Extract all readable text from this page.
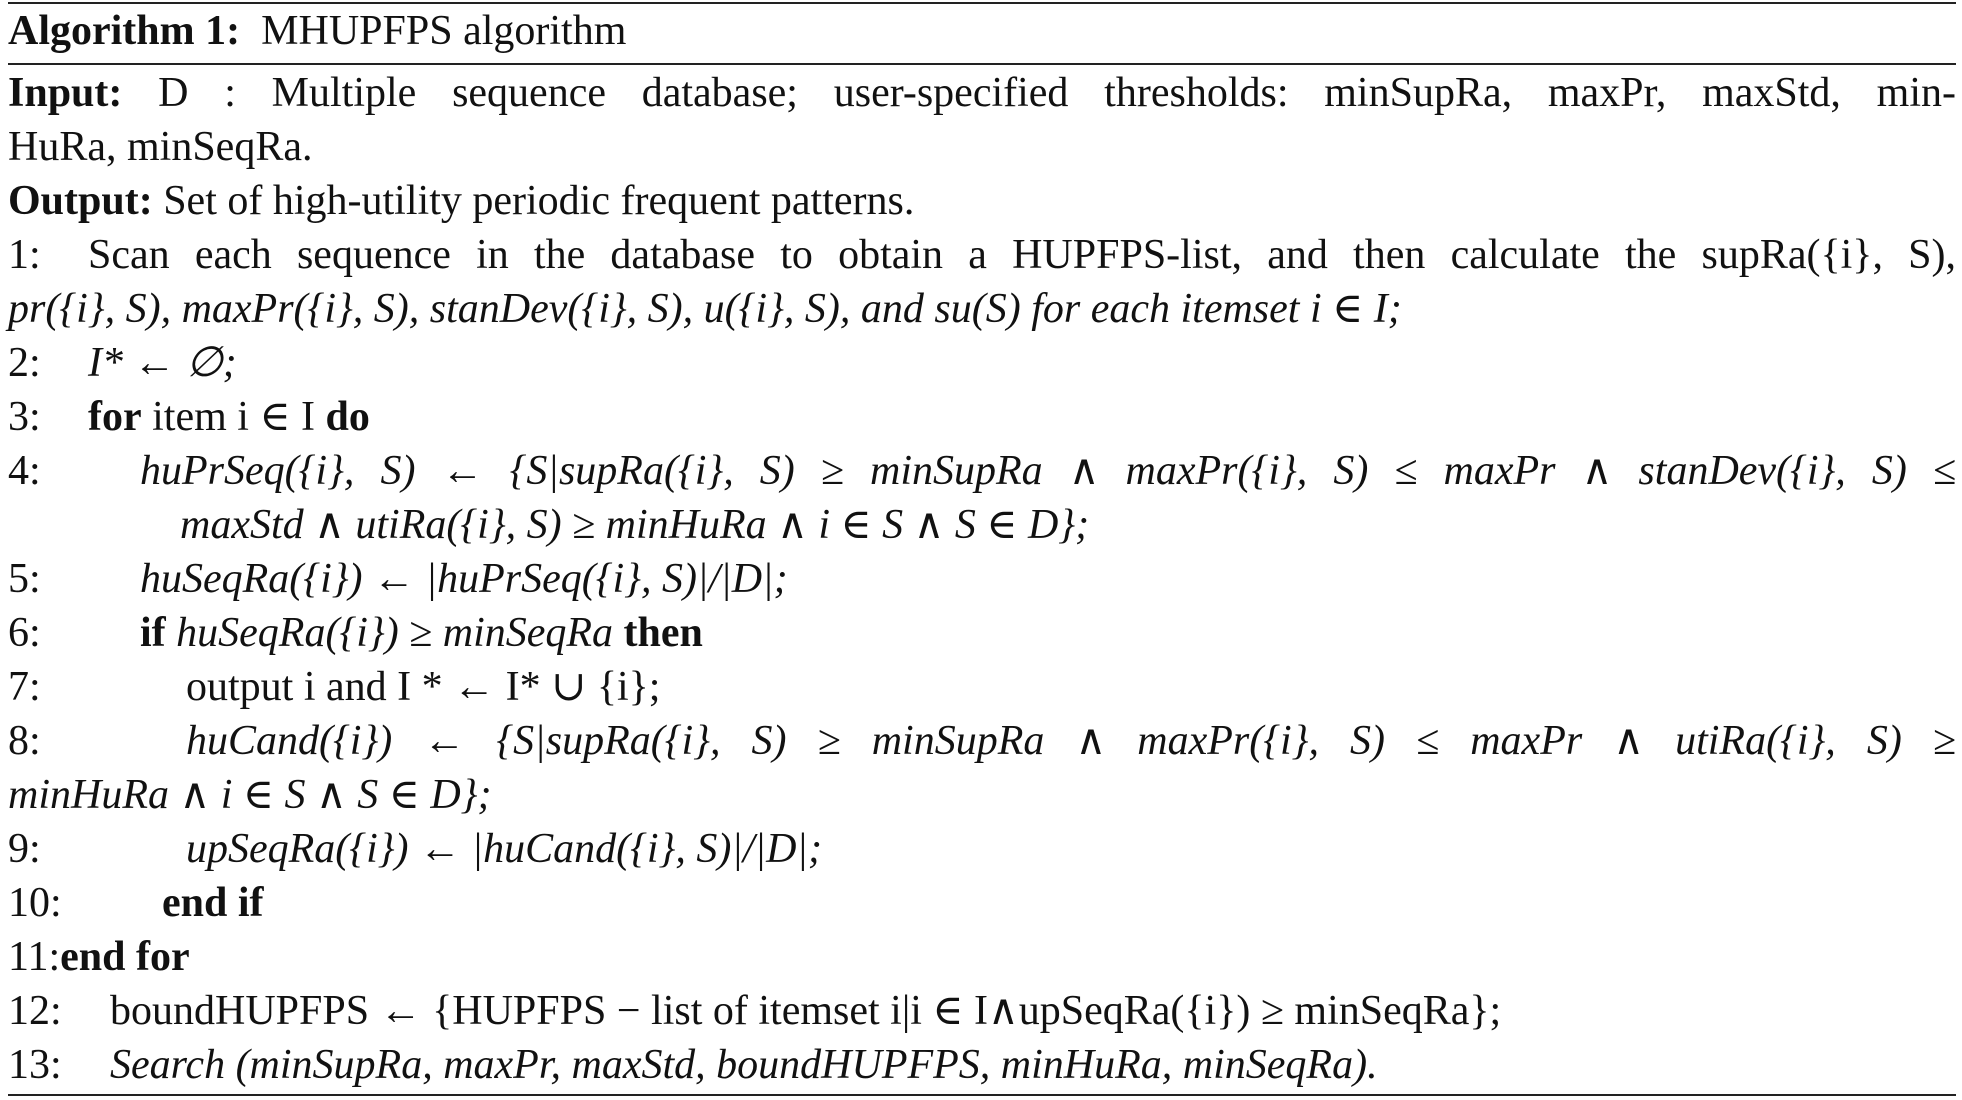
Algorithm 1: MHUPFPS algorithm
Input: D : Multiple sequence database; user-specified thresholds: minSupRa, maxPr, maxStd, min-
HuRa, minSeqRa.
Output: Set of high-utility periodic frequent patterns.
1: Scan each sequence in the database to obtain a HUPFPS-list, and then calculate the supRa({i}, S),
pr({i}, S), maxPr({i}, S), stanDev({i}, S), u({i}, S), and su(S) for each itemset i ∈ I;
2: I* ← ∅;
3: for item i ∈ I do
4: huPrSeq({i}, S) ← {S|supRa({i}, S) ≥ minSupRa ∧ maxPr({i}, S) ≤ maxPr ∧ stanDev({i}, S) ≤
maxStd ∧ utiRa({i}, S) ≥ minHuRa ∧ i ∈ S ∧ S ∈ D};
5: huSeqRa({i}) ← |huPrSeq({i}, S)|/|D|;
6: if huSeqRa({i}) ≥ minSeqRa then
7:	output i and I * ← I* ∪ {i};
8:	huCand({i}) ← {S|supRa({i}, S) ≥ minSupRa ∧ maxPr({i}, S) ≤ maxPr ∧ utiRa({i}, S) ≥
minHuRa ∧ i ∈ S ∧ S ∈ D};
9:	upSeqRa({i}) ← |huCand({i}, S)|/|D|;
10: end if
11:end for
12: boundHUPFPS ← {HUPFPS − list of itemset i|i ∈ I∧upSeqRa({i}) ≥ minSeqRa};
13: Search (minSupRa, maxPr, maxStd, boundHUPFPS, minHuRa, minSeqRa).
